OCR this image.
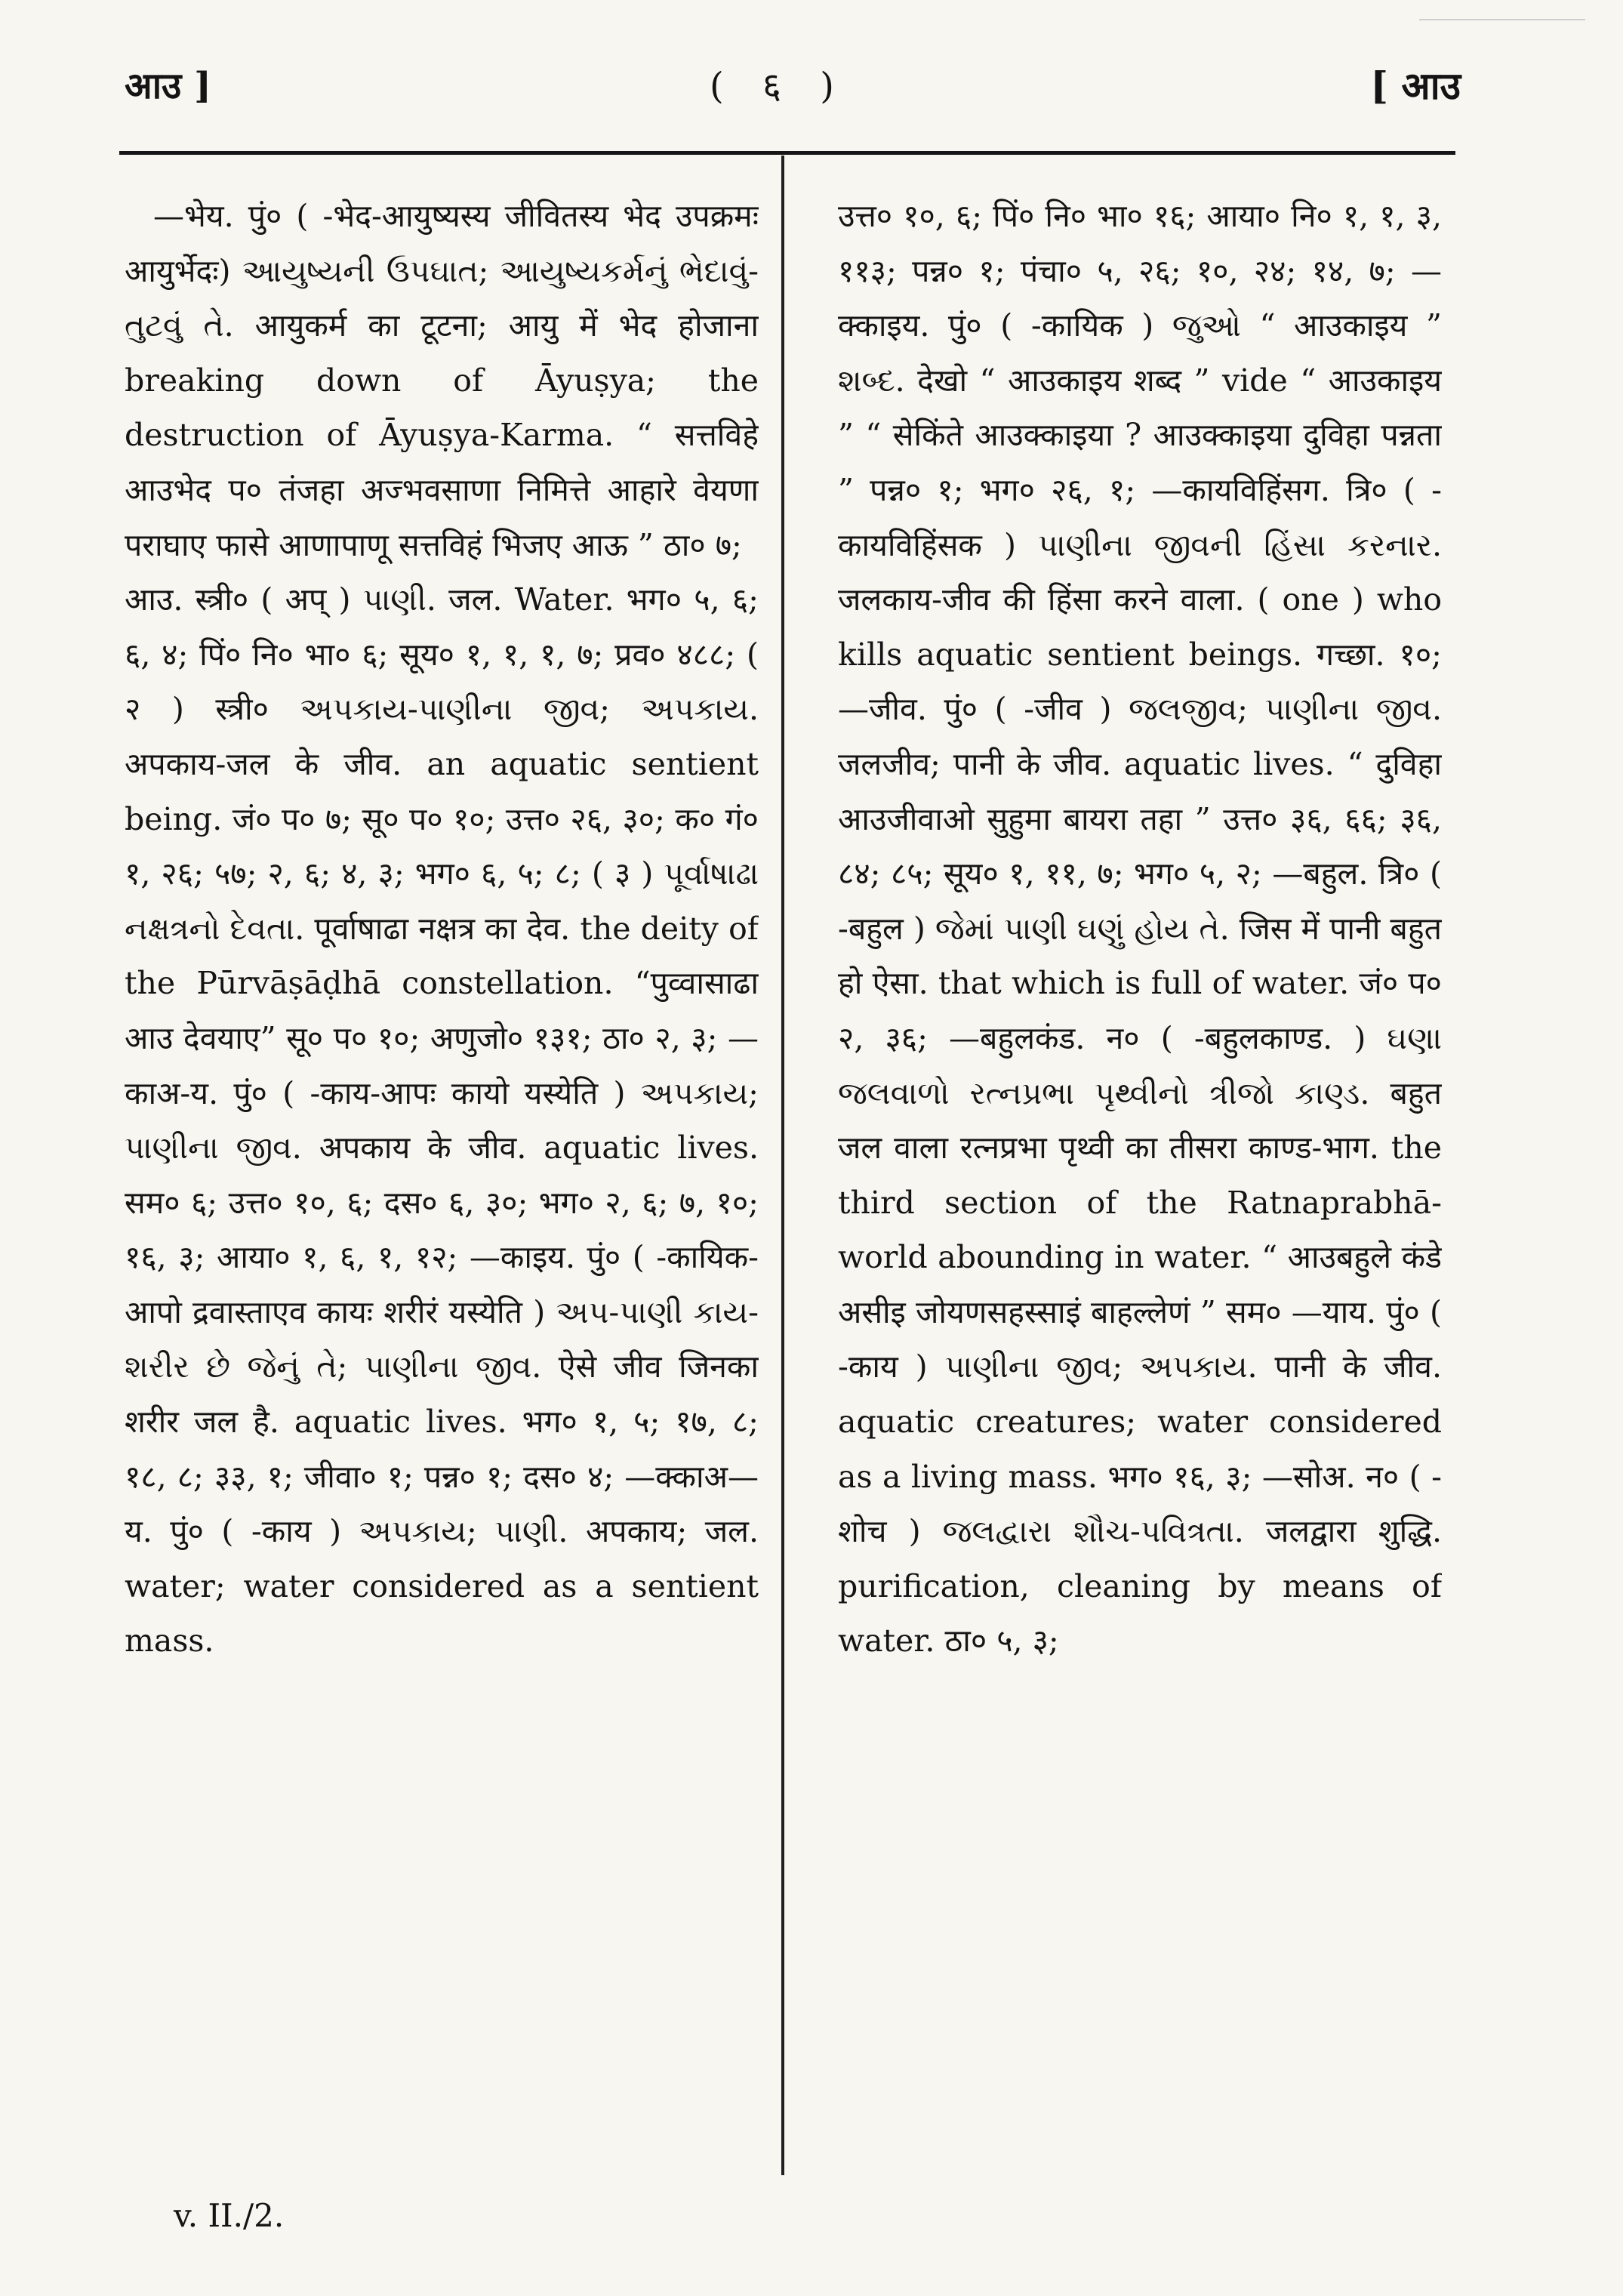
आउ ]	( ६ )	[ आउ

—भेय. पुं० ( -भेद-आयुष्यस्य जीवितस्य भेद उपक्रमः आयुर्भेदः) આયુષ્યની ઉપઘાત; આયુષ્યકર્મનું ભેદાવું-તુટવું તે. आयुकर्म का टूटना; आयु में भेद होजाना breaking down of Āyuṣya; the destruction of Āyuṣya-Karma. “ सत्तविहे आउभेद प० तंजहा अज्भवसाणा निमित्ते आहारे वेयणा पराघाए फासे आणापाणू सत्तविहं भिजए आऊ ” ठा० ७;

आउ. स्त्री० ( अप् ) પાણી. जल. Water. भग० ५, ६; ६, ४; पिं० नि० भा० ६; सूय० १, १, १, ७; प्रव० ४८८; ( २ ) स्त्री० અપકાય-પાણીના જીવ; અપકાય. अपकाय-जल के जीव. an aquatic sentient being. जं० प० ७; सू० प० १०; उत्त० २६, ३०; क० गं० १, २६; ५७; २, ६; ४, ३; भग० ६, ५; ८; ( ३ ) પૂર્વાષાઢા નક્ષત્રનો દેવતા. पूर्वाषाढा नक्षत्र का देव. the deity of the Pūrvāṣāḍhā constellation. “पुव्वासाढा आउ देवयाए” सू० प० १०; अणुजो० १३१; ठा० २, ३; —काअ-य. पुं० ( -काय-आपः कायो यस्येति ) અપકાય; પાણીના જીવ. अपकाय के जीव. aquatic lives. सम० ६; उत्त० १०, ६; दस० ६, ३०; भग० २, ६; ७, १०; १६, ३; आया० १, ६, १, १२; —काइय. पुं० ( -कायिक-आपो द्रवास्ताएव कायः शरीरं यस्येति ) અપ-પાણી કાય-શરીર છે જેનું તે; પાણીના જીવ. ऐसे जीव जिनका शरीर जल है. aquatic lives. भग० १, ५; १७, ८; १८, ८; ३३, १; जीवा० १; पन्न० १; दस० ४; —क्काअ—य. पुं० ( -काय ) અપકાય; પાણી. अपकाय; जल. water; water considered as a sentient mass.

उत्त० १०, ६; पिं० नि० भा० १६; आया० नि० १, १, ३, ११३; पन्न० १; पंचा० ५, २६; १०, २४; १४, ७; —क्काइय. पुं० ( -कायिक ) જુઓ “ आउकाइय ” શબ્દ. देखो “ आउकाइय शब्द ” vide “ आउकाइय ” “ सेकिंते आउक्काइया ? आउक्काइया दुविहा पन्नता ” पन्न० १; भग० २६, १; —कायविहिंसग. त्रि० ( -कायविहिंसक ) પાણીના જીવની હિંસા કરનાર. जलकाय-जीव की हिंसा करने वाला. ( one ) who kills aquatic sentient beings. गच्छा. १०; —जीव. पुं० ( -जीव ) જલજીવ; પાણીના જીવ. जलजीव; पानी के जीव. aquatic lives. “ दुविहा आउजीवाओ सुहुमा बायरा तहा ” उत्त० ३६, ६६; ३६, ८४; ८५; सूय० १, ११, ७; भग० ५, २; —बहुल. त्रि० ( -बहुल ) જેમાં પાણી ઘણું હોય તે. जिस में पानी बहुत हो ऐसा. that which is full of water. जं० प० २, ३६; —बहुलकंड. न० ( -बहुलकाण्ड. ) ઘણા જલવાળો રત્નપ્રભા પૃથ્વીનો ત્રીજો કાણ્ડ. बहुत जल वाला रत्नप्रभा पृथ्वी का तीसरा काण्ड-भाग. the third section of the Ratnaprabhā-world abounding in water. “ आउबहुले कंडे असीइ जोयणसहस्साइं बाहल्लेणं ” सम० —याय. पुं० ( -काय ) પાણીના જીવ; અપકાય. पानी के जीव. aquatic creatures; water considered as a living mass. भग० १६, ३; —सोअ. न० ( -शोच ) જલદ્વારા શૌચ-પવિત્રતા. जलद्वारा शुद्धि. purification, cleaning by means of water. ठा० ५, ३;

v. II./2.
